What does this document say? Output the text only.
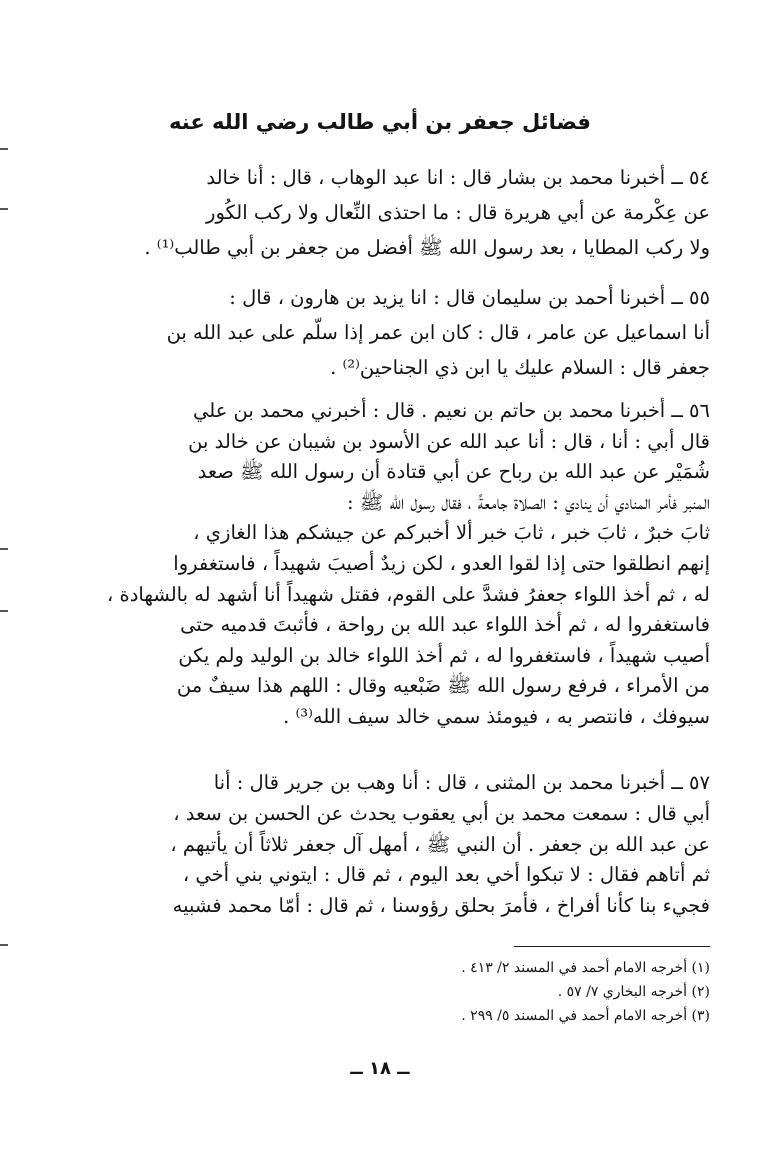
فضائل جعفر بن أبي طالب رضي الله عنه
٥٤ ــ أخبرنا محمد بن بشار قال : انا عبد الوهاب ، قال : أنا خالد
عن عِكْرمة عن أبي هريرة قال : ما احتذى النِّعال ولا ركب الكُور
ولا ركب المطايا ، بعد رسول الله ﷺ أفضل من جعفر بن أبي طالب⁽¹⁾ .
٥٥ ــ أخبرنا أحمد بن سليمان قال : انا يزيد بن هارون ، قال :
أنا اسماعيل عن عامر ، قال : كان ابن عمر إذا سلّم على عبد الله بن
جعفر قال : السلام عليك يا ابن ذي الجناحين⁽²⁾ .
٥٦ ــ أخبرنا محمد بن حاتم بن نعيم . قال : أخبرني محمد بن علي
قال أبي : أنا ، قال : أنا عبد الله عن الأسود بن شيبان عن خالد بن
شُمَيْر عن عبد الله بن رباح عن أبي قتادة أن رسول الله ﷺ صعد
المنبر فأمر المنادي أن ينادي : الصلاة جامعةً ، فقال رسول الله ﷺ :
ثابَ خبرٌ ، ثابَ خبر ، ثابَ خبر ألا أخبركم عن جيشكم هذا الغازي ،
إنهم انطلقوا حتى إذا لقوا العدو ، لكن زيدٌ أصيبَ شهيداً ، فاستغفروا
له ، ثم أخذ اللواء جعفرُ فشدَّ على القوم، فقتل شهيداً أنا أشهد له بالشهادة ،
فاستغفروا له ، ثم أخذ اللواء عبد الله بن رواحة ، فأثبتَ قدميه حتى
أصيب شهيداً ، فاستغفروا له ، ثم أخذ اللواء خالد بن الوليد ولم يكن
من الأمراء ، فرفع رسول الله ﷺ ضَبْعيه وقال : اللهم هذا سيفٌ من
سيوفك ، فانتصر به ، فيومئذ سمي خالد سيف الله⁽³⁾ .
٥٧ ــ أخبرنا محمد بن المثنى ، قال : أنا وهب بن جرير قال : أنا
أبي قال : سمعت محمد بن أبي يعقوب يحدث عن الحسن بن سعد ،
عن عبد الله بن جعفر . أن النبي ﷺ ، أمهل آل جعفر ثلاثاً أن يأتيهم ،
ثم أتاهم فقال : لا تبكوا أخي بعد اليوم ، ثم قال : ايتوني بني أخي ،
فجيء بنا كأنا أفراخ ، فأمرَ بحلق رؤوسنا ، ثم قال : أمّا محمد فشبيه
(١) أخرجه الامام أحمد في المسند ٢/ ٤١٣ .
(٢) أخرجه البخاري ٧/ ٥٧ .
(٣) أخرجه الامام أحمد في المسند ٥/ ٢٩٩ .
ــ ١٨ ــ
